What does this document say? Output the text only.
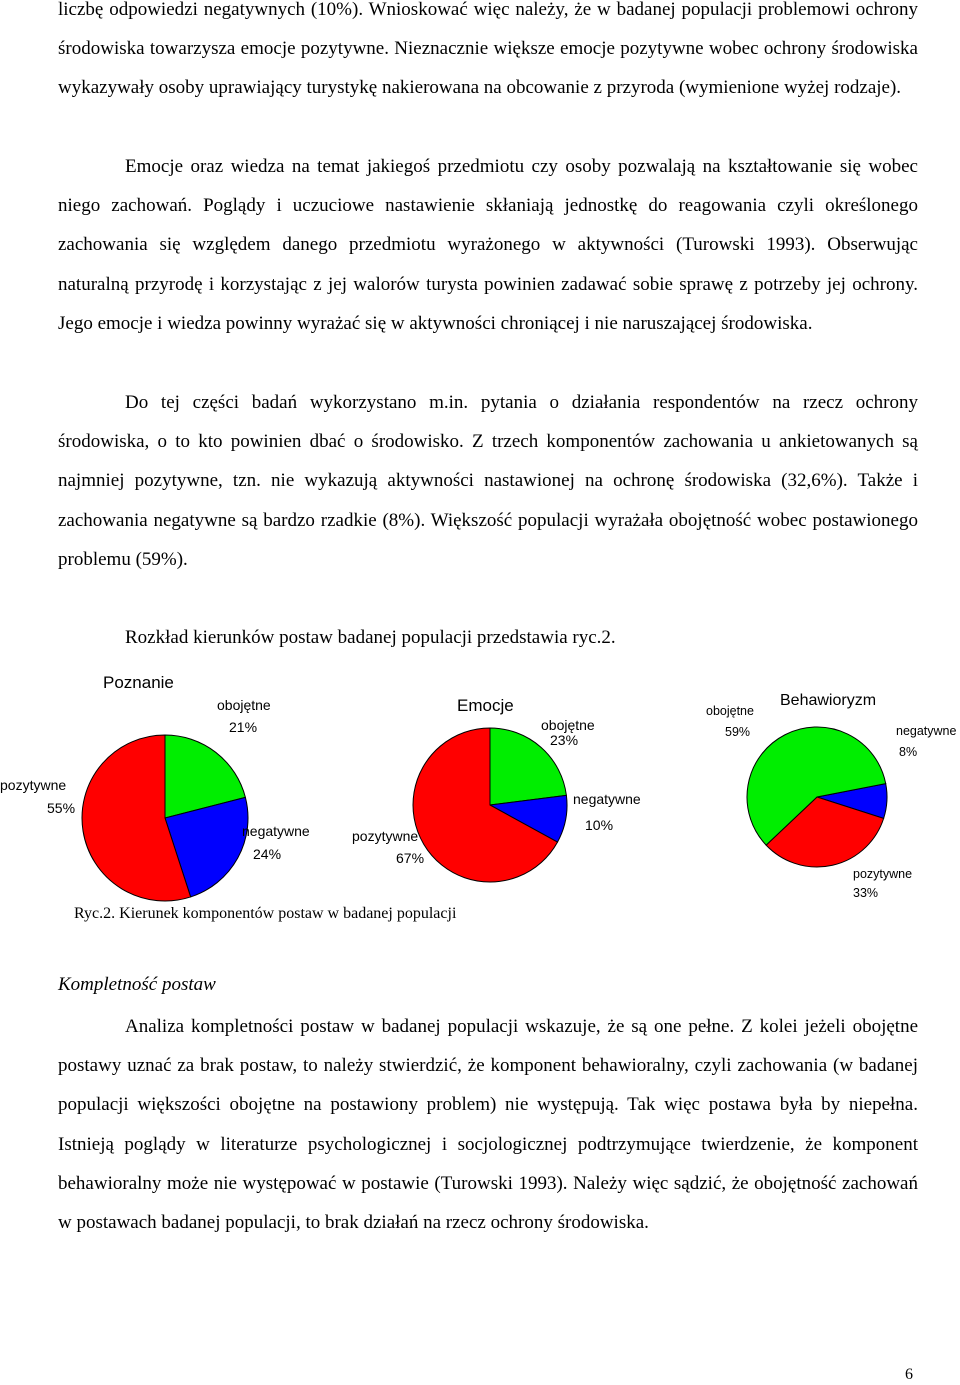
liczbę odpowiedzi negatywnych (10%). Wnioskować więc należy, że w badanej populacji problemowi ochrony środowiska towarzysza emocje pozytywne. Nieznacznie większe emocje pozytywne wobec ochrony środowiska wykazywały osoby uprawiający turystykę nakierowana na obcowanie z przyroda (wymienione wyżej rodzaje).

Emocje oraz wiedza na temat jakiegoś przedmiotu czy osoby pozwalają na kształtowanie się wobec niego zachowań. Poglądy i uczuciowe nastawienie skłaniają jednostkę do reagowania czyli określonego zachowania się względem danego przedmiotu wyrażonego w aktywności (Turowski 1993). Obserwując naturalną przyrodę i korzystając z jej walorów turysta powinien zadawać sobie sprawę z potrzeby jej ochrony. Jego emocje i wiedza powinny wyrażać się w aktywności chroniącej i nie naruszającej środowiska.

Do tej części badań wykorzystano m.in. pytania o działania respondentów na rzecz ochrony środowiska, o to kto powinien dbać o środowisko. Z trzech komponentów zachowania u ankietowanych są najmniej pozytywne, tzn. nie wykazują aktywności nastawionej na ochronę środowiska (32,6%). Także i zachowania negatywne są bardzo rzadkie (8%). Większość populacji wyrażała obojętność wobec postawionego problemu (59%).

Rozkład kierunków postaw badanej populacji przedstawia ryc.2.

Poznanie
obojętne
21%
negatywne
24%
pozytywne
55%
Emocje
obojętne
23%
negatywne
10%
pozytywne
67%
Behawioryzm
negatywne
8%
pozytywne
33%
obojętne
59%
Ryc.2. Kierunek komponentów postaw w badanej populacji
Kompletność postaw

Analiza kompletności postaw w badanej populacji wskazuje, że są one pełne. Z kolei jeżeli obojętne postawy uznać za brak postaw, to należy stwierdzić, że komponent behawioralny, czyli zachowania (w badanej populacji większości obojętne na postawiony problem) nie występują. Tak więc postawa była by niepełna. Istnieją poglądy w literaturze psychologicznej i socjologicznej podtrzymujące twierdzenie, że komponent behawioralny może nie występować w postawie (Turowski 1993). Należy więc sądzić, że obojętność zachowań w postawach badanej populacji, to brak działań na rzecz ochrony środowiska.

6
